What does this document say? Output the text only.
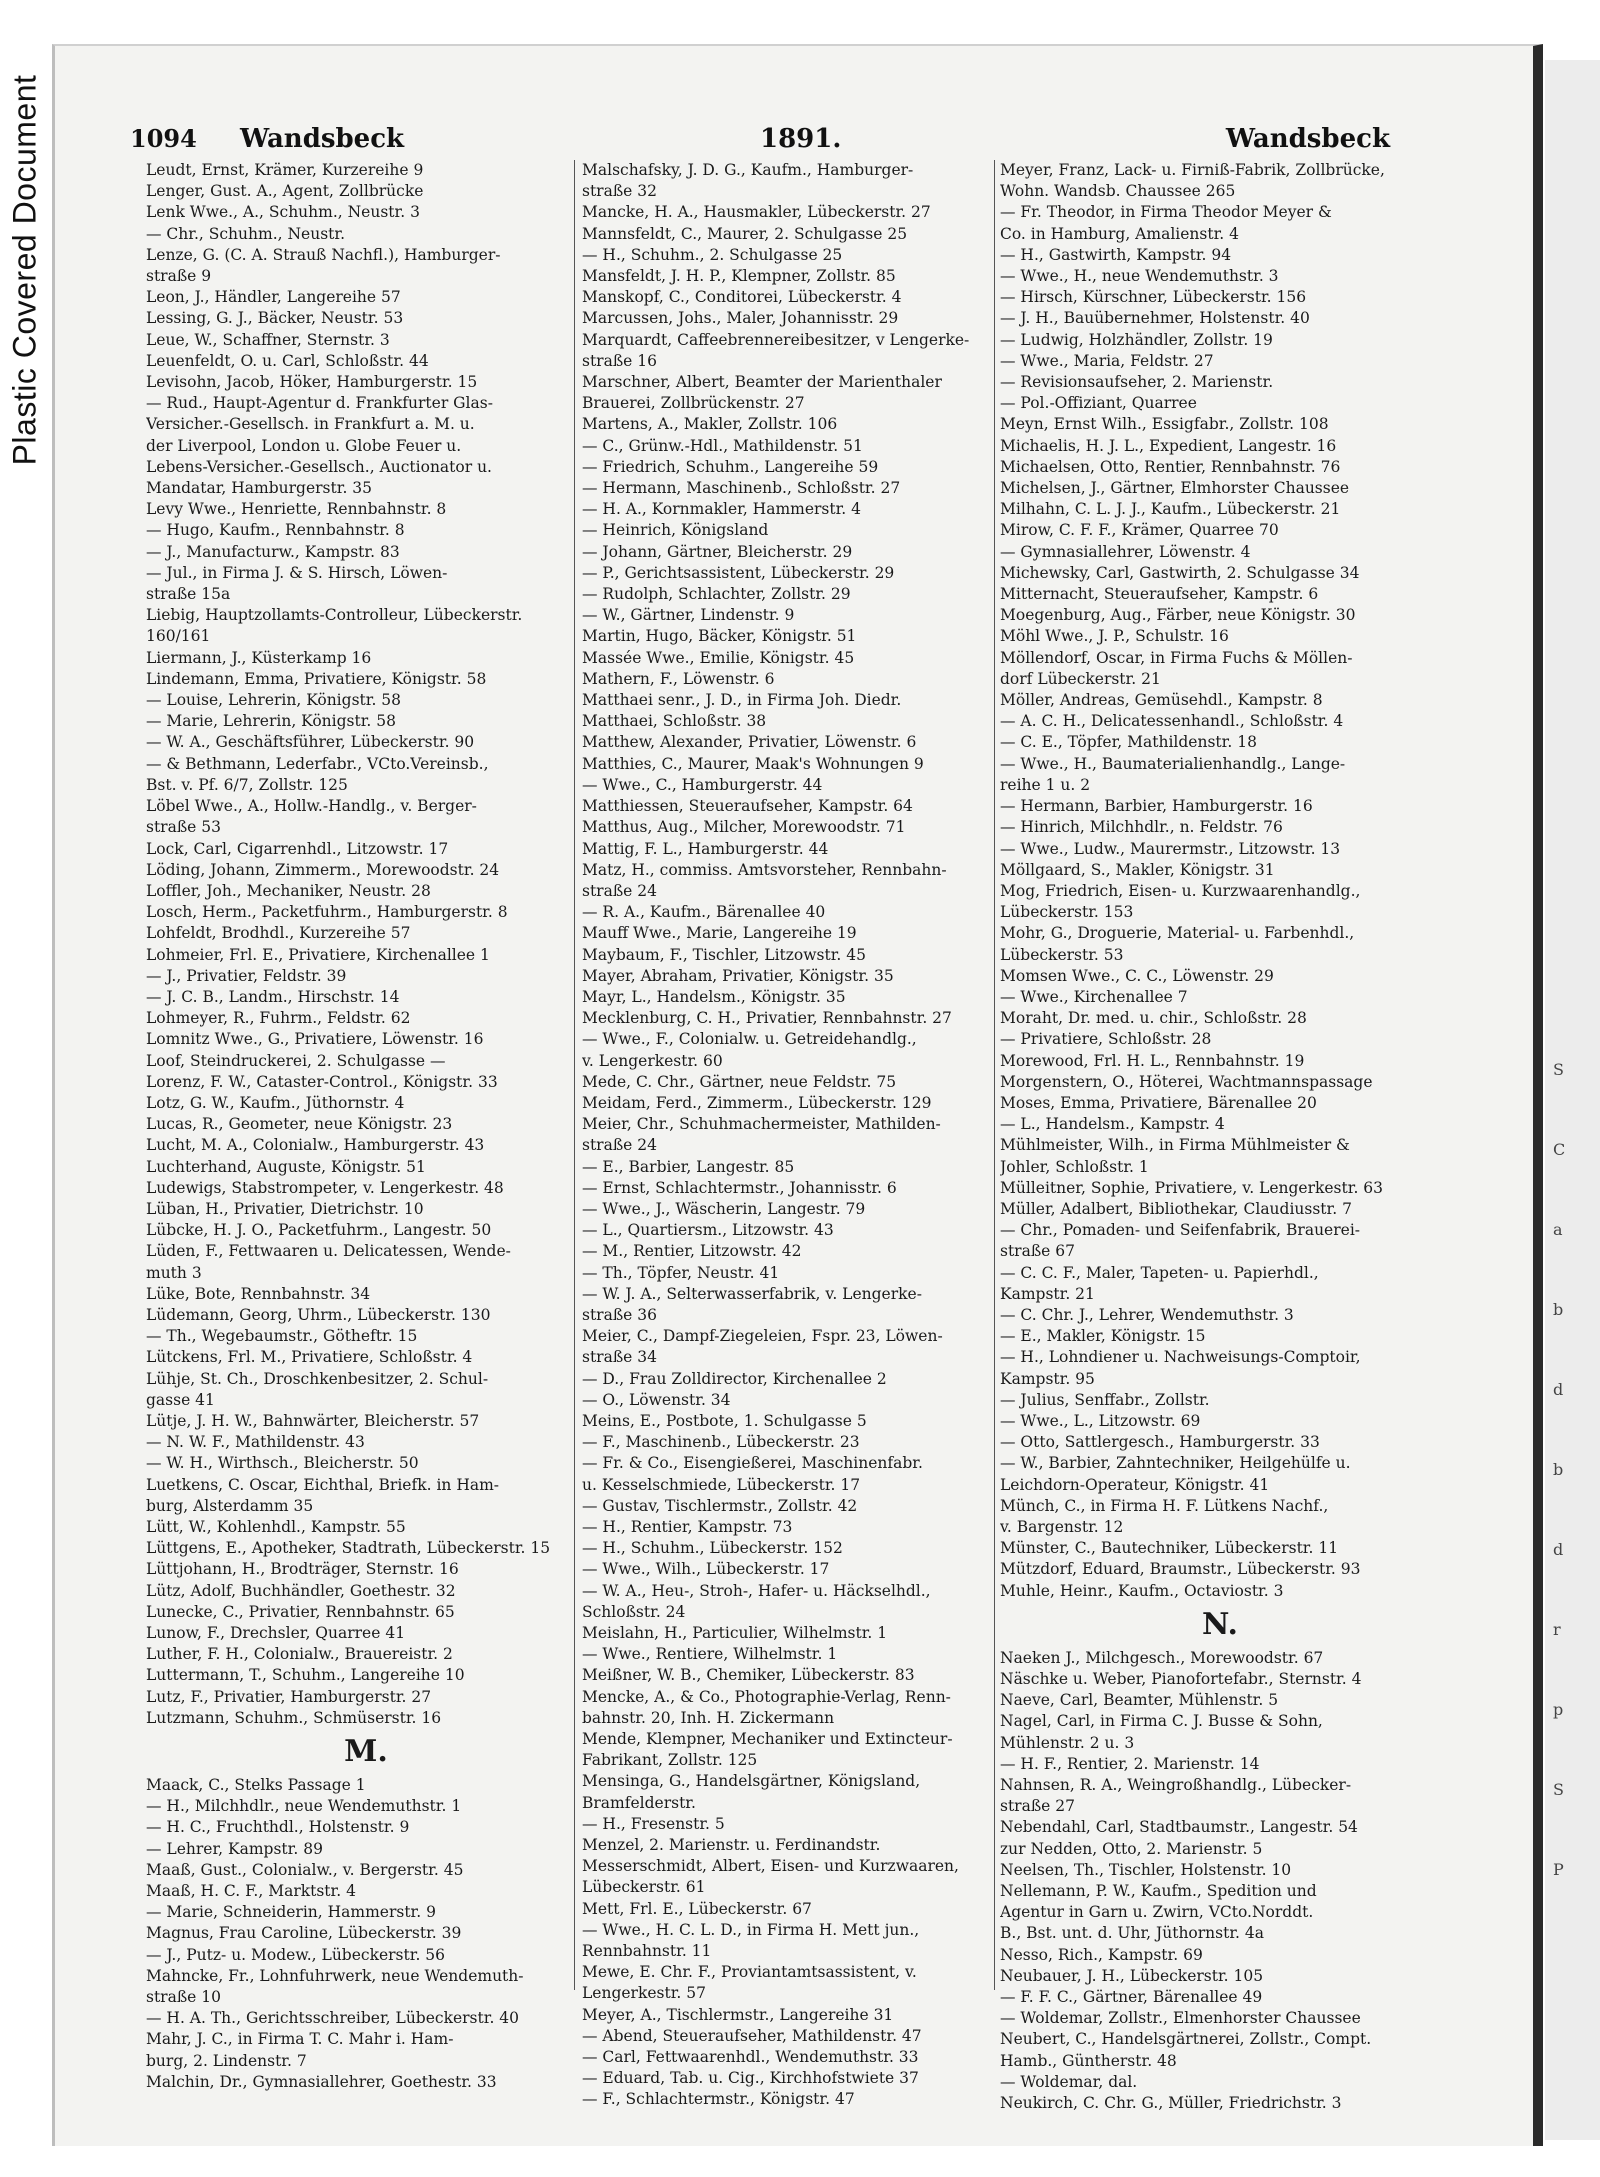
Plastic Covered Document
S
C
a
b
d
b
d
r
p
S
P
1094 Wandsbeck	1891.	Wandsbeck
Leudt, Ernst, Krämer, Kurzereihe 9
Lenger, Gust. A., Agent, Zollbrücke
Lenk Wwe., A., Schuhm., Neustr. 3
— Chr., Schuhm., Neustr.
Lenze, G. (C. A. Strauß Nachfl.), Hamburger-
straße 9
Leon, J., Händler, Langereihe 57
Lessing, G. J., Bäcker, Neustr. 53
Leue, W., Schaffner, Sternstr. 3
Leuenfeldt, O. u. Carl, Schloßstr. 44
Levisohn, Jacob, Höker, Hamburgerstr. 15
— Rud., Haupt-Agentur d. Frankfurter Glas-
Versicher.-Gesellsch. in Frankfurt a. M. u.
der Liverpool, London u. Globe Feuer u.
Lebens-Versicher.-Gesellsch., Auctionator u.
Mandatar, Hamburgerstr. 35
Levy Wwe., Henriette, Rennbahnstr. 8
— Hugo, Kaufm., Rennbahnstr. 8
— J., Manufacturw., Kampstr. 83
— Jul., in Firma J. & S. Hirsch, Löwen-
straße 15a
Liebig, Hauptzollamts-Controlleur, Lübeckerstr.
160/161
Liermann, J., Küsterkamp 16
Lindemann, Emma, Privatiere, Königstr. 58
— Louise, Lehrerin, Königstr. 58
— Marie, Lehrerin, Königstr. 58
— W. A., Geschäftsführer, Lübeckerstr. 90
— & Bethmann, Lederfabr., VCto.Vereinsb.,
Bst. v. Pf. 6/7, Zollstr. 125
Löbel Wwe., A., Hollw.-Handlg., v. Berger-
straße 53
Lock, Carl, Cigarrenhdl., Litzowstr. 17
Löding, Johann, Zimmerm., Morewoodstr. 24
Loffler, Joh., Mechaniker, Neustr. 28
Losch, Herm., Packetfuhrm., Hamburgerstr. 8
Lohfeldt, Brodhdl., Kurzereihe 57
Lohmeier, Frl. E., Privatiere, Kirchenallee 1
— J., Privatier, Feldstr. 39
— J. C. B., Landm., Hirschstr. 14
Lohmeyer, R., Fuhrm., Feldstr. 62
Lomnitz Wwe., G., Privatiere, Löwenstr. 16
Loof, Steindruckerei, 2. Schulgasse —
Lorenz, F. W., Cataster-Control., Königstr. 33
Lotz, G. W., Kaufm., Jüthornstr. 4
Lucas, R., Geometer, neue Königstr. 23
Lucht, M. A., Colonialw., Hamburgerstr. 43
Luchterhand, Auguste, Königstr. 51
Ludewigs, Stabstrompeter, v. Lengerkestr. 48
Lüban, H., Privatier, Dietrichstr. 10
Lübcke, H. J. O., Packetfuhrm., Langestr. 50
Lüden, F., Fettwaaren u. Delicatessen, Wende-
muth 3
Lüke, Bote, Rennbahnstr. 34
Lüdemann, Georg, Uhrm., Lübeckerstr. 130
— Th., Wegebaumstr., Götheftr. 15
Lütckens, Frl. M., Privatiere, Schloßstr. 4
Lühje, St. Ch., Droschkenbesitzer, 2. Schul-
gasse 41
Lütje, J. H. W., Bahnwärter, Bleicherstr. 57
— N. W. F., Mathildenstr. 43
— W. H., Wirthsch., Bleicherstr. 50
Luetkens, C. Oscar, Eichthal, Briefk. in Ham-
burg, Alsterdamm 35
Lütt, W., Kohlenhdl., Kampstr. 55
Lüttgens, E., Apotheker, Stadtrath, Lübeckerstr. 15
Lüttjohann, H., Brodträger, Sternstr. 16
Lütz, Adolf, Buchhändler, Goethestr. 32
Lunecke, C., Privatier, Rennbahnstr. 65
Lunow, F., Drechsler, Quarree 41
Luther, F. H., Colonialw., Brauereistr. 2
Luttermann, T., Schuhm., Langereihe 10
Lutz, F., Privatier, Hamburgerstr. 27
Lutzmann, Schuhm., Schmüserstr. 16
M.
Maack, C., Stelks Passage 1
— H., Milchhdlr., neue Wendemuthstr. 1
— H. C., Fruchthdl., Holstenstr. 9
— Lehrer, Kampstr. 89
Maaß, Gust., Colonialw., v. Bergerstr. 45
Maaß, H. C. F., Marktstr. 4
— Marie, Schneiderin, Hammerstr. 9
Magnus, Frau Caroline, Lübeckerstr. 39
— J., Putz- u. Modew., Lübeckerstr. 56
Mahncke, Fr., Lohnfuhrwerk, neue Wendemuth-
straße 10
— H. A. Th., Gerichtsschreiber, Lübeckerstr. 40
Mahr, J. C., in Firma T. C. Mahr i. Ham-
burg, 2. Lindenstr. 7
Malchin, Dr., Gymnasiallehrer, Goethestr. 33
Malschafsky, J. D. G., Kaufm., Hamburger-
straße 32
Mancke, H. A., Hausmakler, Lübeckerstr. 27
Mannsfeldt, C., Maurer, 2. Schulgasse 25
— H., Schuhm., 2. Schulgasse 25
Mansfeldt, J. H. P., Klempner, Zollstr. 85
Manskopf, C., Conditorei, Lübeckerstr. 4
Marcussen, Johs., Maler, Johannisstr. 29
Marquardt, Caffeebrennereibesitzer, v Lengerke-
straße 16
Marschner, Albert, Beamter der Marienthaler
Brauerei, Zollbrückenstr. 27
Martens, A., Makler, Zollstr. 106
— C., Grünw.-Hdl., Mathildenstr. 51
— Friedrich, Schuhm., Langereihe 59
— Hermann, Maschinenb., Schloßstr. 27
— H. A., Kornmakler, Hammerstr. 4
— Heinrich, Königsland
— Johann, Gärtner, Bleicherstr. 29
— P., Gerichtsassistent, Lübeckerstr. 29
— Rudolph, Schlachter, Zollstr. 29
— W., Gärtner, Lindenstr. 9
Martin, Hugo, Bäcker, Königstr. 51
Massée Wwe., Emilie, Königstr. 45
Mathern, F., Löwenstr. 6
Matthaei senr., J. D., in Firma Joh. Diedr.
Matthaei, Schloßstr. 38
Matthew, Alexander, Privatier, Löwenstr. 6
Matthies, C., Maurer, Maak's Wohnungen 9
— Wwe., C., Hamburgerstr. 44
Matthiessen, Steueraufseher, Kampstr. 64
Matthus, Aug., Milcher, Morewoodstr. 71
Mattig, F. L., Hamburgerstr. 44
Matz, H., commiss. Amtsvorsteher, Rennbahn-
straße 24
— R. A., Kaufm., Bärenallee 40
Mauff Wwe., Marie, Langereihe 19
Maybaum, F., Tischler, Litzowstr. 45
Mayer, Abraham, Privatier, Königstr. 35
Mayr, L., Handelsm., Königstr. 35
Mecklenburg, C. H., Privatier, Rennbahnstr. 27
— Wwe., F., Colonialw. u. Getreidehandlg.,
v. Lengerkestr. 60
Mede, C. Chr., Gärtner, neue Feldstr. 75
Meidam, Ferd., Zimmerm., Lübeckerstr. 129
Meier, Chr., Schuhmachermeister, Mathilden-
straße 24
— E., Barbier, Langestr. 85
— Ernst, Schlachtermstr., Johannisstr. 6
— Wwe., J., Wäscherin, Langestr. 79
— L., Quartiersm., Litzowstr. 43
— M., Rentier, Litzowstr. 42
— Th., Töpfer, Neustr. 41
— W. J. A., Selterwasserfabrik, v. Lengerke-
straße 36
Meier, C., Dampf-Ziegeleien, Fspr. 23, Löwen-
straße 34
— D., Frau Zolldirector, Kirchenallee 2
— O., Löwenstr. 34
Meins, E., Postbote, 1. Schulgasse 5
— F., Maschinenb., Lübeckerstr. 23
— Fr. & Co., Eisengießerei, Maschinenfabr.
u. Kesselschmiede, Lübeckerstr. 17
— Gustav, Tischlermstr., Zollstr. 42
— H., Rentier, Kampstr. 73
— H., Schuhm., Lübeckerstr. 152
— Wwe., Wilh., Lübeckerstr. 17
— W. A., Heu-, Stroh-, Hafer- u. Häckselhdl.,
Schloßstr. 24
Meislahn, H., Particulier, Wilhelmstr. 1
— Wwe., Rentiere, Wilhelmstr. 1
Meißner, W. B., Chemiker, Lübeckerstr. 83
Mencke, A., & Co., Photographie-Verlag, Renn-
bahnstr. 20, Inh. H. Zickermann
Mende, Klempner, Mechaniker und Extincteur-
Fabrikant, Zollstr. 125
Mensinga, G., Handelsgärtner, Königsland,
Bramfelderstr.
— H., Fresenstr. 5
Menzel, 2. Marienstr. u. Ferdinandstr.
Messerschmidt, Albert, Eisen- und Kurzwaaren,
Lübeckerstr. 61
Mett, Frl. E., Lübeckerstr. 67
— Wwe., H. C. L. D., in Firma H. Mett jun.,
Rennbahnstr. 11
Mewe, E. Chr. F., Proviantamtsassistent, v.
Lengerkestr. 57
Meyer, A., Tischlermstr., Langereihe 31
— Abend, Steueraufseher, Mathildenstr. 47
— Carl, Fettwaarenhdl., Wendemuthstr. 33
— Eduard, Tab. u. Cig., Kirchhofstwiete 37
— F., Schlachtermstr., Königstr. 47
Meyer, Franz, Lack- u. Firniß-Fabrik, Zollbrücke,
Wohn. Wandsb. Chaussee 265
— Fr. Theodor, in Firma Theodor Meyer &
Co. in Hamburg, Amalienstr. 4
— H., Gastwirth, Kampstr. 94
— Wwe., H., neue Wendemuthstr. 3
— Hirsch, Kürschner, Lübeckerstr. 156
— J. H., Bauübernehmer, Holstenstr. 40
— Ludwig, Holzhändler, Zollstr. 19
— Wwe., Maria, Feldstr. 27
— Revisionsaufseher, 2. Marienstr.
— Pol.-Offiziant, Quarree
Meyn, Ernst Wilh., Essigfabr., Zollstr. 108
Michaelis, H. J. L., Expedient, Langestr. 16
Michaelsen, Otto, Rentier, Rennbahnstr. 76
Michelsen, J., Gärtner, Elmhorster Chaussee
Milhahn, C. L. J. J., Kaufm., Lübeckerstr. 21
Mirow, C. F. F., Krämer, Quarree 70
— Gymnasiallehrer, Löwenstr. 4
Michewsky, Carl, Gastwirth, 2. Schulgasse 34
Mitternacht, Steueraufseher, Kampstr. 6
Moegenburg, Aug., Färber, neue Königstr. 30
Möhl Wwe., J. P., Schulstr. 16
Möllendorf, Oscar, in Firma Fuchs & Möllen-
dorf Lübeckerstr. 21
Möller, Andreas, Gemüsehdl., Kampstr. 8
— A. C. H., Delicatessenhandl., Schloßstr. 4
— C. E., Töpfer, Mathildenstr. 18
— Wwe., H., Baumaterialienhandlg., Lange-
reihe 1 u. 2
— Hermann, Barbier, Hamburgerstr. 16
— Hinrich, Milchhdlr., n. Feldstr. 76
— Wwe., Ludw., Maurermstr., Litzowstr. 13
Möllgaard, S., Makler, Königstr. 31
Mog, Friedrich, Eisen- u. Kurzwaarenhandlg.,
Lübeckerstr. 153
Mohr, G., Droguerie, Material- u. Farbenhdl.,
Lübeckerstr. 53
Momsen Wwe., C. C., Löwenstr. 29
— Wwe., Kirchenallee 7
Moraht, Dr. med. u. chir., Schloßstr. 28
— Privatiere, Schloßstr. 28
Morewood, Frl. H. L., Rennbahnstr. 19
Morgenstern, O., Höterei, Wachtmannspassage
Moses, Emma, Privatiere, Bärenallee 20
— L., Handelsm., Kampstr. 4
Mühlmeister, Wilh., in Firma Mühlmeister &
Johler, Schloßstr. 1
Mülleitner, Sophie, Privatiere, v. Lengerkestr. 63
Müller, Adalbert, Bibliothekar, Claudiusstr. 7
— Chr., Pomaden- und Seifenfabrik, Brauerei-
straße 67
— C. C. F., Maler, Tapeten- u. Papierhdl.,
Kampstr. 21
— C. Chr. J., Lehrer, Wendemuthstr. 3
— E., Makler, Königstr. 15
— H., Lohndiener u. Nachweisungs-Comptoir,
Kampstr. 95
— Julius, Senffabr., Zollstr.
— Wwe., L., Litzowstr. 69
— Otto, Sattlergesch., Hamburgerstr. 33
— W., Barbier, Zahntechniker, Heilgehülfe u.
Leichdorn-Operateur, Königstr. 41
Münch, C., in Firma H. F. Lütkens Nachf.,
v. Bargenstr. 12
Münster, C., Bautechniker, Lübeckerstr. 11
Mützdorf, Eduard, Braumstr., Lübeckerstr. 93
Muhle, Heinr., Kaufm., Octaviostr. 3
N.
Naeken J., Milchgesch., Morewoodstr. 67
Näschke u. Weber, Pianofortefabr., Sternstr. 4
Naeve, Carl, Beamter, Mühlenstr. 5
Nagel, Carl, in Firma C. J. Busse & Sohn,
Mühlenstr. 2 u. 3
— H. F., Rentier, 2. Marienstr. 14
Nahnsen, R. A., Weingroßhandlg., Lübecker-
straße 27
Nebendahl, Carl, Stadtbaumstr., Langestr. 54
zur Nedden, Otto, 2. Marienstr. 5
Neelsen, Th., Tischler, Holstenstr. 10
Nellemann, P. W., Kaufm., Spedition und
Agentur in Garn u. Zwirn, VCto.Norddt.
B., Bst. unt. d. Uhr, Jüthornstr. 4a
Nesso, Rich., Kampstr. 69
Neubauer, J. H., Lübeckerstr. 105
— F. F. C., Gärtner, Bärenallee 49
— Woldemar, Zollstr., Elmenhorster Chaussee
Neubert, C., Handelsgärtnerei, Zollstr., Compt.
Hamb., Güntherstr. 48
— Woldemar, dal.
Neukirch, C. Chr. G., Müller, Friedrichstr. 3
